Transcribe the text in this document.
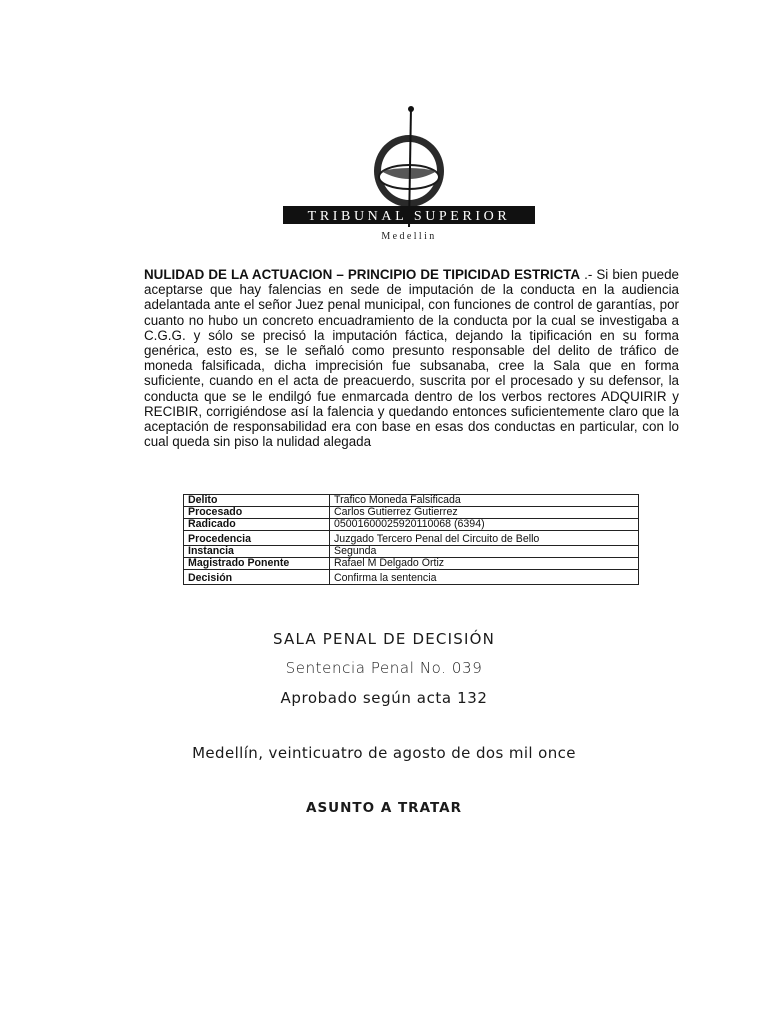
TRIBUNAL SUPERIOR
Medellin
NULIDAD DE LA ACTUACION – PRINCIPIO DE TIPICIDAD ESTRICTA .- Si bien puede aceptarse que hay falencias en sede de imputación de la conducta en la audiencia adelantada ante el señor Juez penal municipal, con funciones de control de garantías, por cuanto no hubo un concreto encuadramiento de la conducta por la cual se investigaba a C.G.G. y sólo se precisó la imputación fáctica, dejando la tipificación en su forma genérica, esto es, se le señaló como presunto responsable del delito de tráfico de moneda falsificada, dicha imprecisión fue subsanaba, cree la Sala que en forma suficiente, cuando en el acta de preacuerdo, suscrita por el procesado y su defensor, la conducta que se le endilgó fue enmarcada dentro de los verbos rectores ADQUIRIR y RECIBIR, corrigiéndose así la falencia y quedando entonces suficientemente claro que la aceptación de responsabilidad era con base en esas dos conductas en particular, con lo cual queda sin piso la nulidad alegada
Delito	Trafico Moneda Falsificada
Procesado	Carlos Gutierrez Gutierrez
Radicado	05001600025920110068 (6394)
Procedencia	Juzgado Tercero Penal del Circuito de Bello
Instancia	Segunda
Magistrado Ponente	Rafael M Delgado Ortiz
Decisión	Confirma la sentencia
SALA PENAL DE DECISIÓN
Sentencia Penal No. 039
Aprobado según acta 132
Medellín, veinticuatro de agosto de dos mil once
ASUNTO A TRATAR
